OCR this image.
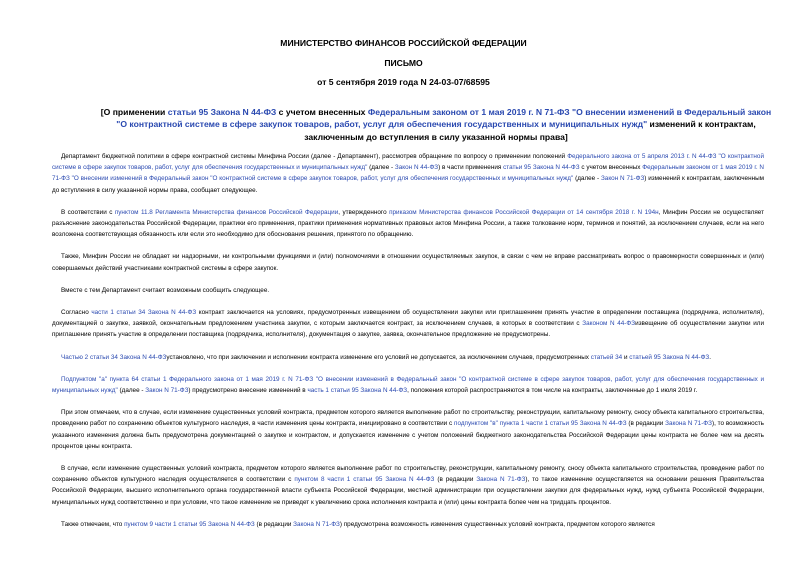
МИНИСТЕРСТВО ФИНАНСОВ РОССИЙСКОЙ ФЕДЕРАЦИИ

ПИСЬМО

от 5 сентября 2019 года N 24-03-07/68595

[О применении статьи 95 Закона N 44-ФЗ с учетом внесенных Федеральным законом от 1 мая 2019 г. N 71-ФЗ "О внесении изменений в Федеральный закон "О контрактной системе в сфере закупок товаров, работ, услуг для обеспечения государственных и муниципальных нужд" изменений к контрактам, заключенным до вступления в силу указанной нормы права]

Департамент бюджетной политики в сфере контрактной системы Минфина России (далее - Департамент), рассмотрев обращение по вопросу о применении положений Федерального закона от 5 апреля 2013 г. N 44-ФЗ "О контрактной системе в сфере закупок товаров, работ, услуг для обеспечения государственных и муниципальных нужд" (далее - Закон N 44-ФЗ) в части применения статьи 95 Закона N 44-ФЗ с учетом внесенных Федеральным законом от 1 мая 2019 г. N 71-ФЗ "О внесении изменений в Федеральный закон "О контрактной системе в сфере закупок товаров, работ, услуг для обеспечения государственных и муниципальных нужд" (далее - Закон N 71-ФЗ) изменений к контрактам, заключенным до вступления в силу указанной нормы права, сообщает следующее.

В соответствии с пунктом 11.8 Регламента Министерства финансов Российской Федерации, утвержденного приказом Министерства финансов Российской Федерации от 14 сентября 2018 г. N 194н, Минфин России не осуществляет разъяснение законодательства Российской Федерации, практики его применения, практики применения нормативных правовых актов Минфина России, а также толкование норм, терминов и понятий, за исключением случаев, если на него возложена соответствующая обязанность или если это необходимо для обоснования решения, принятого по обращению.

Также, Минфин России не обладает ни надзорными, ни контрольными функциями и (или) полномочиями в отношении осуществляемых закупок, в связи с чем не вправе рассматривать вопрос о правомерности совершенных и (или) совершаемых действий участниками контрактной системы в сфере закупок.

Вместе с тем Департамент считает возможным сообщить следующее.

Согласно части 1 статьи 34 Закона N 44-ФЗ контракт заключается на условиях, предусмотренных извещением об осуществлении закупки или приглашением принять участие в определении поставщика (подрядчика, исполнителя), документацией о закупке, заявкой, окончательным предложением участника закупки, с которым заключается контракт, за исключением случаев, в которых в соответствии с Законом N 44-ФЗизвещение об осуществлении закупки или приглашение принять участие в определении поставщика (подрядчика, исполнителя), документация о закупке, заявка, окончательное предложение не предусмотрены.

Частью 2 статьи 34 Закона N 44-ФЗустановлено, что при заключении и исполнении контракта изменение его условий не допускается, за исключением случаев, предусмотренных статьей 34 и статьей 95 Закона N 44-ФЗ.

Подпунктом "а" пункта 64 статьи 1 Федерального закона от 1 мая 2019 г. N 71-ФЗ "О внесении изменений в Федеральный закон "О контрактной системе в сфере закупок товаров, работ, услуг для обеспечения государственных и муниципальных нужд" (далее - Закон N 71-ФЗ) предусмотрено внесение изменений в часть 1 статьи 95 Закона N 44-ФЗ, положения которой распространяются в том числе на контракты, заключенные до 1 июля 2019 г.

При этом отмечаем, что в случае, если изменение существенных условий контракта, предметом которого является выполнение работ по строительству, реконструкции, капитальному ремонту, сносу объекта капитального строительства, проведению работ по сохранению объектов культурного наследия, в части изменения цены контракта, инициировано в соответствии с подпунктом "в" пункта 1 части 1 статьи 95 Закона N 44-ФЗ (в редакции Закона N 71-ФЗ), то возможность указанного изменения должна быть предусмотрена документацией о закупке и контрактом, и допускается изменение с учетом положений бюджетного законодательства Российской Федерации цены контракта не более чем на десять процентов цены контракта.

В случае, если изменение существенных условий контракта, предметом которого является выполнение работ по строительству, реконструкции, капитальному ремонту, сносу объекта капитального строительства, проведение работ по сохранению объектов культурного наследия осуществляется в соответствии с пунктом 8 части 1 статьи 95 Закона N 44-ФЗ (в редакции Закона N 71-ФЗ), то такое изменение осуществляется на основании решения Правительства Российской Федерации, высшего исполнительного органа государственной власти субъекта Российской Федерации, местной администрации при осуществлении закупки для федеральных нужд, нужд субъекта Российской Федерации, муниципальных нужд соответственно и при условии, что такое изменение не приведет к увеличению срока исполнения контракта и (или) цены контракта более чем на тридцать процентов.

Также отмечаем, что пунктом 9 части 1 статьи 95 Закона N 44-ФЗ (в редакции Закона N 71-ФЗ) предусмотрена возможность изменения существенных условий контракта, предметом которого является
